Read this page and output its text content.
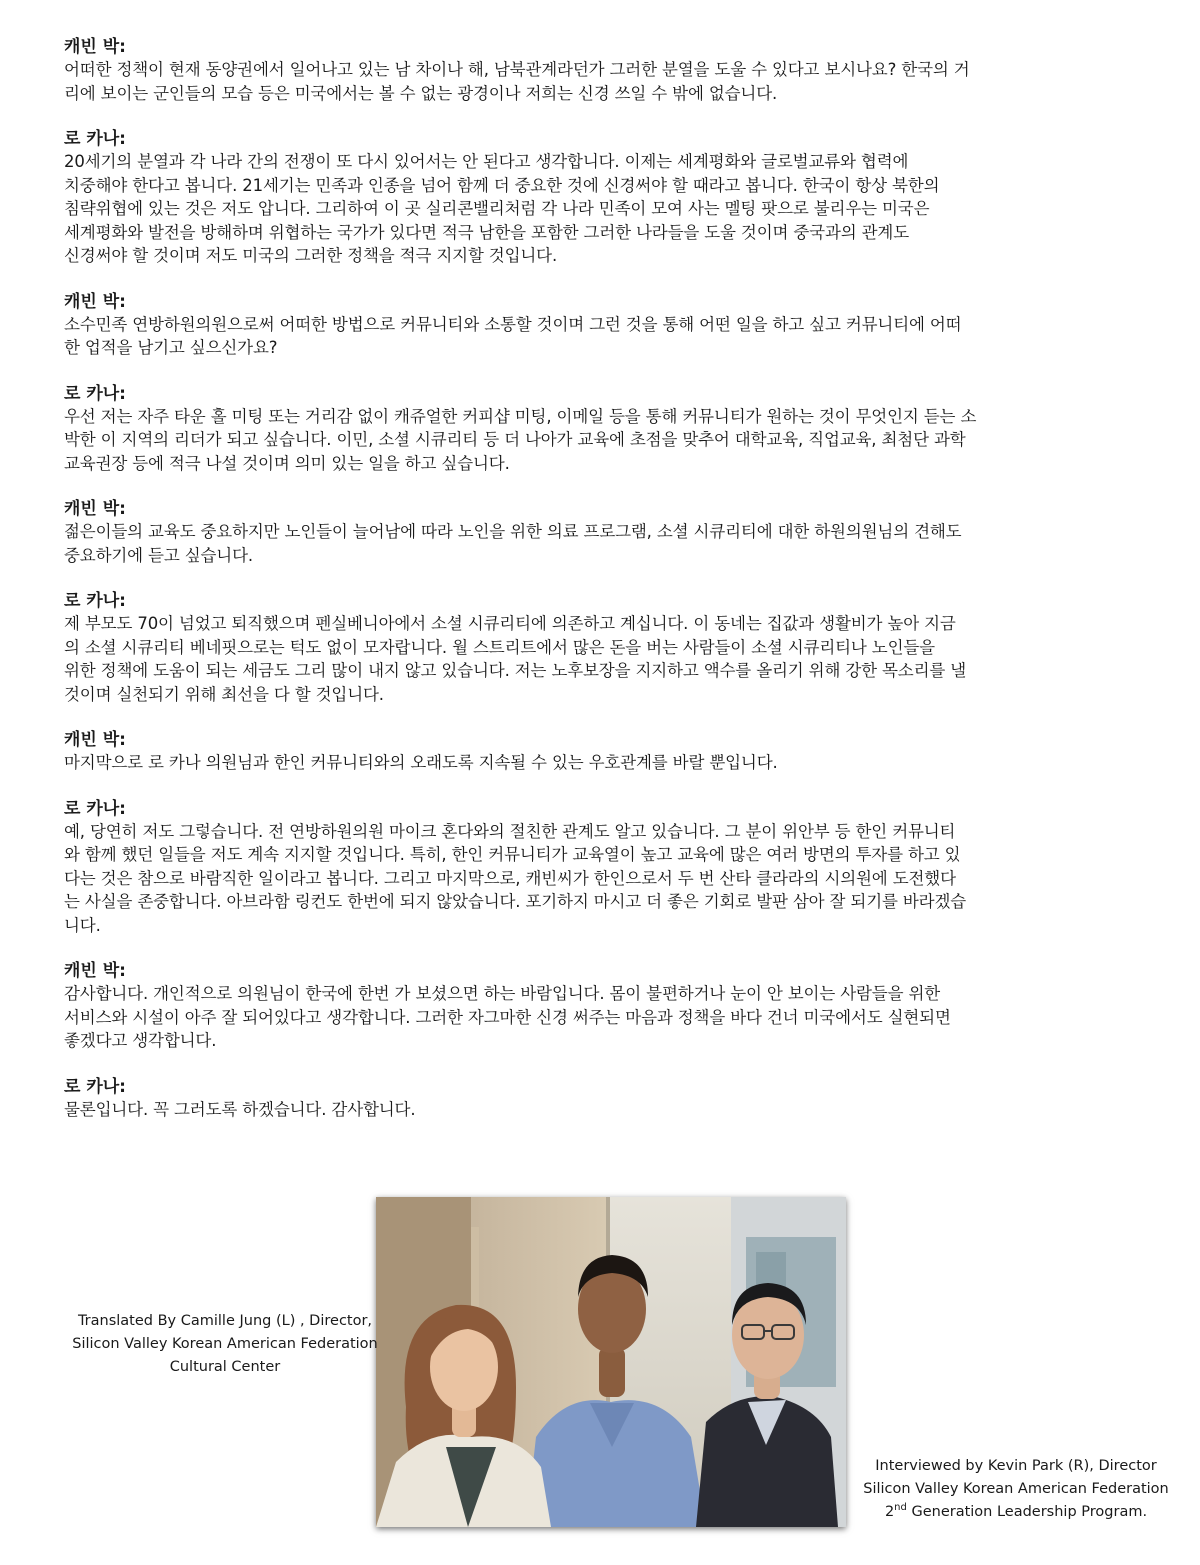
캐빈 박:
어떠한 정책이 현재 동양권에서 일어나고 있는 남 차이나 해, 남북관계라던가 그러한 분열을 도울 수 있다고 보시나요? 한국의 거
리에 보이는 군인들의 모습 등은 미국에서는 볼 수 없는 광경이나 저희는 신경 쓰일 수 밖에 없습니다.
로 카나:
20세기의 분열과 각 나라 간의 전쟁이 또 다시 있어서는 안 된다고 생각합니다. 이제는 세계평화와 글로벌교류와 협력에
치중해야 한다고 봅니다. 21세기는 민족과 인종을 넘어 함께 더 중요한 것에 신경써야 할 때라고 봅니다. 한국이 항상 북한의
침략위협에 있는 것은 저도 압니다. 그리하여 이 곳 실리콘밸리처럼 각 나라 민족이 모여 사는 멜팅 팟으로 불리우는 미국은
세계평화와 발전을 방해하며 위협하는 국가가 있다면 적극 남한을 포함한 그러한 나라들을 도울 것이며 중국과의 관계도
신경써야 할 것이며 저도 미국의 그러한 정책을 적극 지지할 것입니다.
캐빈 박:
소수민족 연방하원의원으로써 어떠한 방법으로 커뮤니티와 소통할 것이며 그런 것을 통해 어떤 일을 하고 싶고 커뮤니티에 어떠
한 업적을 남기고 싶으신가요?
로 카나:
우선 저는 자주 타운 홀 미팅 또는 거리감 없이 캐쥬얼한 커피샵 미팅, 이메일 등을 통해 커뮤니티가 원하는 것이 무엇인지 듣는 소
박한 이 지역의 리더가 되고 싶습니다. 이민, 소셜 시큐리티 등 더 나아가 교육에 초점을 맞추어 대학교육, 직업교육, 최첨단 과학
교육권장 등에 적극 나설 것이며 의미 있는 일을 하고 싶습니다.
캐빈 박:
젊은이들의 교육도 중요하지만 노인들이 늘어남에 따라 노인을 위한 의료 프로그램, 소셜 시큐리티에 대한 하원의원님의 견해도
중요하기에 듣고 싶습니다.
로 카나:
제 부모도 70이 넘었고 퇴직했으며 펜실베니아에서 소셜 시큐리티에 의존하고 계십니다. 이 동네는 집값과 생활비가 높아 지금
의 소셜 시큐리티 베네핏으로는 턱도 없이 모자랍니다. 월 스트리트에서 많은 돈을 버는 사람들이 소셜 시큐리티나 노인들을
위한 정책에 도움이 되는 세금도 그리 많이 내지 않고 있습니다. 저는 노후보장을 지지하고 액수를 올리기 위해 강한 목소리를 낼
것이며 실천되기 위해 최선을 다 할 것입니다.
캐빈 박:
마지막으로 로 카나 의원님과 한인 커뮤니티와의 오래도록 지속될 수 있는 우호관계를 바랄 뿐입니다.
로 카나:
예, 당연히 저도 그렇습니다. 전 연방하원의원 마이크 혼다와의 절친한 관계도 알고 있습니다. 그 분이 위안부 등 한인 커뮤니티
와 함께 했던 일들을 저도 계속 지지할 것입니다. 특히, 한인 커뮤니티가 교육열이 높고 교육에 많은 여러 방면의 투자를 하고 있
다는 것은 참으로 바람직한 일이라고 봅니다. 그리고 마지막으로, 캐빈씨가 한인으로서 두 번 산타 클라라의 시의원에 도전했다
는 사실을 존중합니다. 아브라함 링컨도 한번에 되지 않았습니다. 포기하지 마시고 더 좋은 기회로 발판 삼아 잘 되기를 바라겠습
니다.
캐빈 박:
감사합니다. 개인적으로 의원님이 한국에 한번 가 보셨으면 하는 바람입니다. 몸이 불편하거나 눈이 안 보이는 사람들을 위한
서비스와 시설이 아주 잘 되어있다고 생각합니다. 그러한 자그마한 신경 써주는 마음과 정책을 바다 건너 미국에서도 실현되면
좋겠다고 생각합니다.
로 카나:
물론입니다. 꼭 그러도록 하겠습니다. 감사합니다.
Translated By Camille Jung (L) , Director,
Silicon Valley Korean American Federation
Cultural Center
Interviewed by Kevin Park (R), Director
Silicon Valley Korean American Federation
2nd Generation Leadership Program.
